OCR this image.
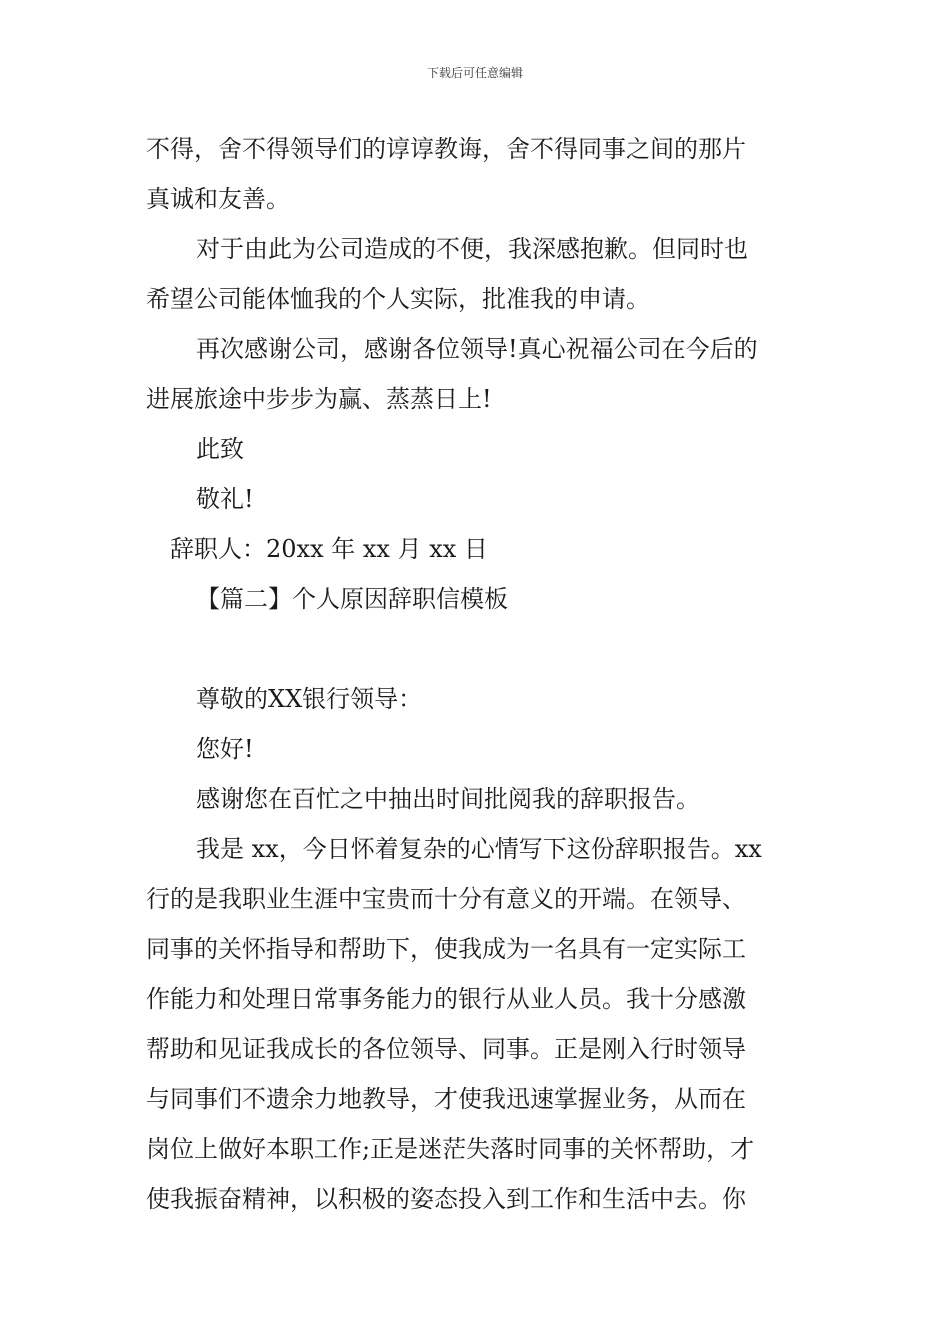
下载后可任意编辑
不得，舍不得领导们的谆谆教诲，舍不得同事之间的那片
真诚和友善。
对于由此为公司造成的不便，我深感抱歉。但同时也
希望公司能体恤我的个人实际，批准我的申请。
再次感谢公司，感谢各位领导!真心祝福公司在今后的
进展旅途中步步为赢、蒸蒸日上!
此致
敬礼!
辞职人：20xx 年 xx 月 xx 日
【篇二】个人原因辞职信模板
尊敬的XX银行领导：
您好!
感谢您在百忙之中抽出时间批阅我的辞职报告。
我是 xx，今日怀着复杂的心情写下这份辞职报告。xx
行的是我职业生涯中宝贵而十分有意义的开端。在领导、
同事的关怀指导和帮助下，使我成为一名具有一定实际工
作能力和处理日常事务能力的银行从业人员。我十分感激
帮助和见证我成长的各位领导、同事。正是刚入行时领导
与同事们不遗余力地教导，才使我迅速掌握业务，从而在
岗位上做好本职工作;正是迷茫失落时同事的关怀帮助，才
使我振奋精神，以积极的姿态投入到工作和生活中去。你
